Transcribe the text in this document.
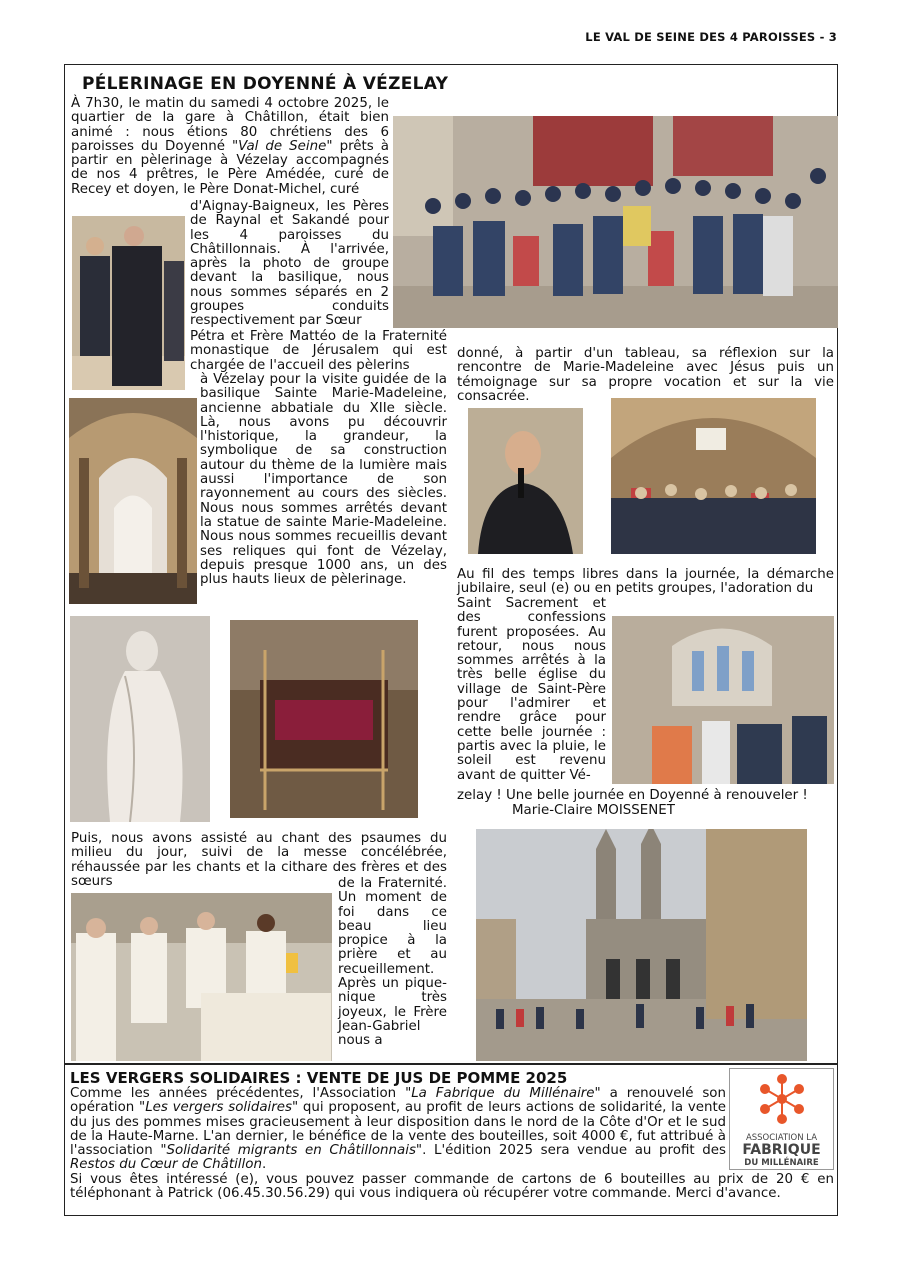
LE VAL DE SEINE DES 4 PAROISSES - 3
PÉLERINAGE EN DOYENNÉ À VÉZELAY
À 7h30, le matin du samedi 4 octobre 2025, le quartier de la gare à Châtillon, était bien animé : nous étions 80 chrétiens des 6 paroisses du Doyenné "Val de Seine" prêts à partir en pèlerinage à Vézelay accompagnés de nos 4 prêtres, le Père Amédée, curé de Recey et doyen, le Père Donat-Michel, curé
d'Aignay-Baigneux, les Pères de Raynal et Sakandé pour les 4 paroisses du Châtillonnais. À l'arrivée, après la photo de groupe devant la basilique, nous nous sommes séparés en 2 groupes conduits respectivement par Sœur
Pétra et Frère Mattéo de la Fraternité monastique de Jérusalem qui est chargée de l'accueil des pèlerins
à Vézelay pour la visite guidée de la basilique Sainte Marie-Madeleine, ancienne abbatiale du XIIe siècle. Là, nous avons pu découvrir l'historique, la grandeur, la symbolique de sa construction autour du thème de la lumière mais aussi l'importance de son rayonnement au cours des siècles. Nous nous sommes arrêtés devant la statue de sainte Marie-Madeleine. Nous nous sommes recueillis devant ses reliques qui font de Vézelay, depuis presque 1000 ans, un des plus hauts lieux de pèlerinage.
donné, à partir d'un tableau, sa réflexion sur la rencontre de Marie-Madeleine avec Jésus puis un témoignage sur sa propre vocation et sur la vie consacrée.
Au fil des temps libres dans la journée, la démarche jubilaire, seul (e) ou en petits groupes, l'adoration du
Saint Sacrement et des confessions furent proposées. Au retour, nous nous sommes arrêtés à la très belle église du village de Saint-Père pour l'admirer et rendre grâce pour cette belle journée : partis avec la pluie, le soleil est revenu avant de quitter Vé-
zelay ! Une belle journée en Doyenné à renouveler !
Marie-Claire MOISSENET
Puis, nous avons assisté au chant des psaumes du milieu du jour, suivi de la messe concélébrée, réhaussée par les chants et la cithare des frères et des sœurs	de la Fraternité. Un moment de foi dans ce beau lieu propice à la prière et au recueillement. Après un pique-nique très joyeux, le Frère Jean-Gabriel nous a
LES VERGERS SOLIDAIRES : VENTE DE JUS DE POMME 2025
Comme les années précédentes, l'Association "La Fabrique du Millénaire" a renouvelé son opération "Les vergers solidaires" qui proposent, au profit de leurs actions de solidarité, la vente du jus des pommes mises gracieusement à leur disposition dans le nord de la Côte d'Or et le sud de la Haute-Marne. L'an dernier, le bénéfice de la vente des bouteilles, soit 4000 €, fut attribué à l'association "Solidarité migrants en Châtillonnais". L'édition 2025 sera vendue au profit des Restos du Cœur de Châtillon.
Si vous êtes intéressé (e), vous pouvez passer commande de cartons de 6 bouteilles au prix de 20 € en téléphonant à Patrick (06.45.30.56.29) qui vous indiquera où récupérer votre commande. Merci d'avance.
ASSOCIATION LA
FABRIQUE
DU MILLÉNAIRE
